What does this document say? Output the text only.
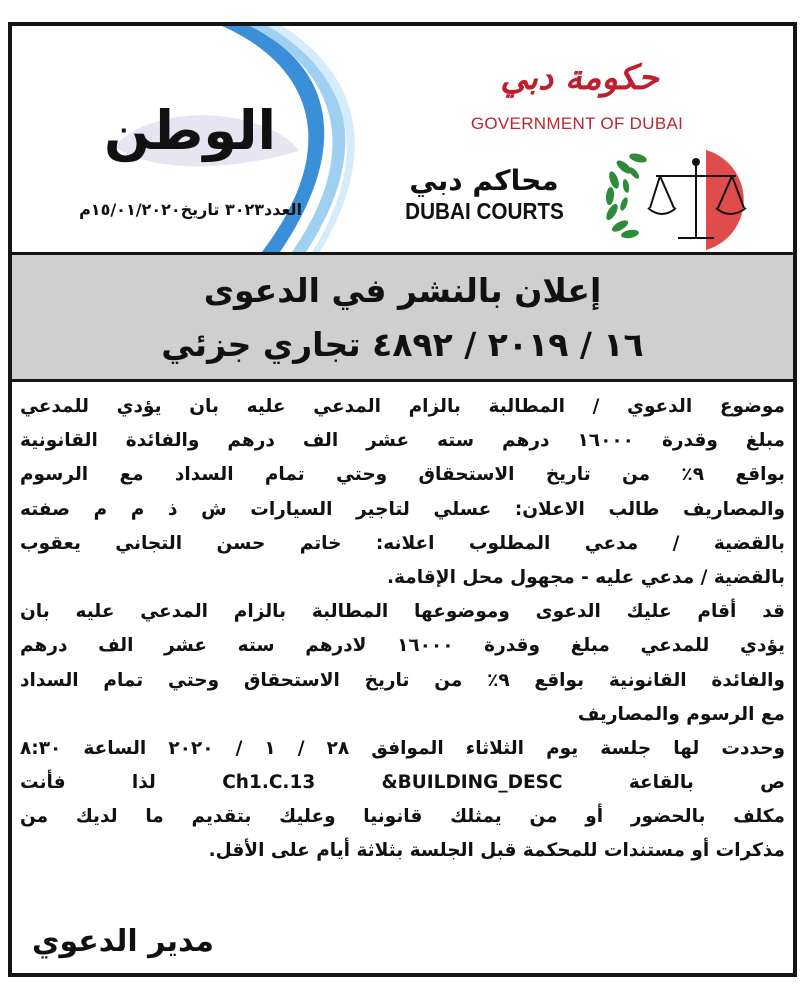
الوطن
العدد٣٠٢٣ تاريخ١٥/٠١/٢٠٢٠م
حكومة دبي
GOVERNMENT OF DUBAI
محاكم دبي
DUBAI COURTS
إعلان بالنشر في الدعوى
١٦ / ٢٠١٩ / ٤٨٩٢ تجاري جزئي
موضوع الدعوي / المطالبة بالزام المدعي عليه بان يؤدي للمدعي
مبلغ وقدرة ١٦٠٠٠ درهم سته عشر الف درهم والفائدة القانونية
بواقع ٩٪ من تاريخ الاستحقاق وحتي تمام السداد مع الرسوم
والمصاريف طالب الاعلان: عسلي لتاجير السيارات ش ذ م م صفته
بالقضية / مدعي المطلوب اعلانه: خاتم حسن التجاني يعقوب
بالقضية / مدعي عليه - مجهول محل الإقامة.
قد أقام عليك الدعوى وموضوعها المطالبة بالزام المدعي عليه بان
يؤدي للمدعي مبلغ وقدرة ١٦٠٠٠ لادرهم سته عشر الف درهم
والفائدة القانونية بواقع ٩٪ من تاريخ الاستحقاق وحتي تمام السداد
مع الرسوم والمصاريف
وحددت لها جلسة يوم الثلاثاء الموافق ٢٨ / ١ / ٢٠٢٠ الساعة ٨:٣٠
ص بالقاعة Ch1.C.13 &BUILDING_DESC لذا فأنت
مكلف بالحضور أو من يمثلك قانونيا وعليك بتقديم ما لديك من
مذكرات أو مستندات للمحكمة قبل الجلسة بثلاثة أيام على الأقل.
مدير الدعوي
